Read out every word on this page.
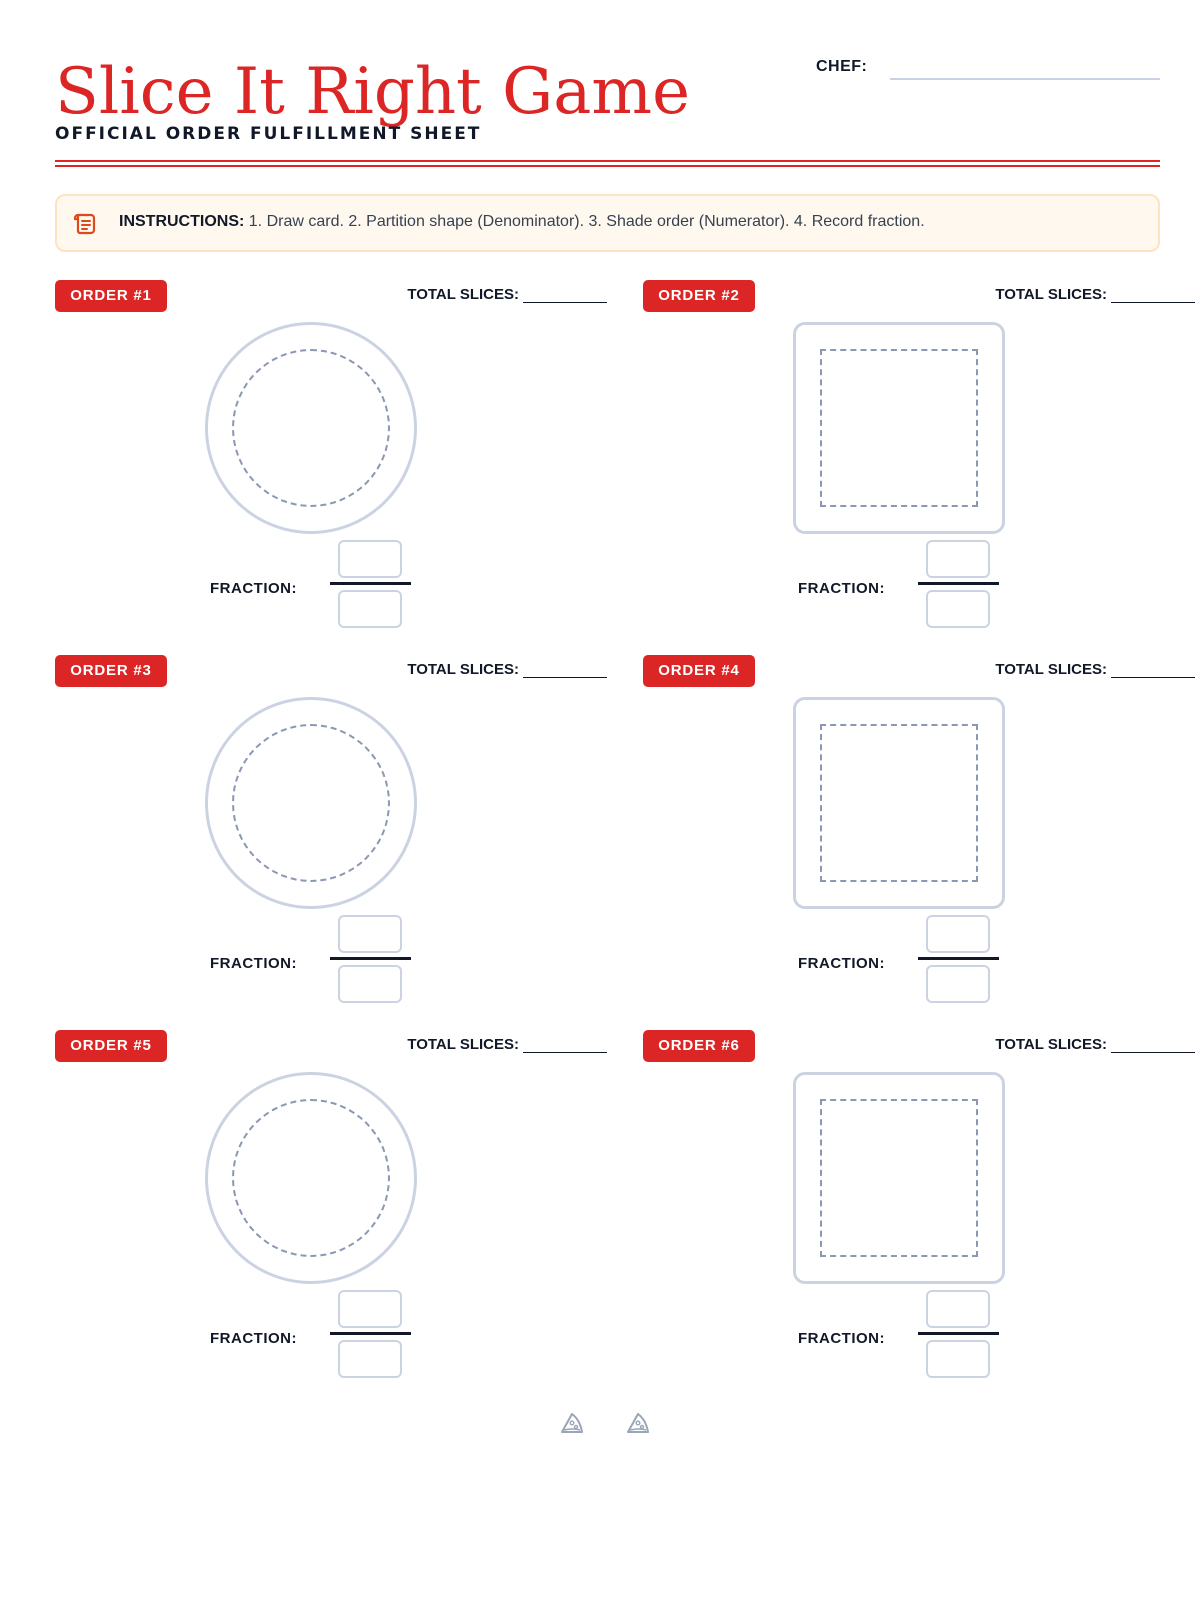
Slice It Right Game
OFFICIAL ORDER FULFILLMENT SHEET
CHEF:
INSTRUCTIONS: 1. Draw card. 2. Partition shape (Denominator). 3. Shade order (Numerator). 4. Record fraction.
ORDER #1	TOTAL SLICES:
FRACTION:
ORDER #2	TOTAL SLICES:
FRACTION:
ORDER #3	TOTAL SLICES:
FRACTION:
ORDER #4	TOTAL SLICES:
FRACTION:
ORDER #5	TOTAL SLICES:
FRACTION:
ORDER #6	TOTAL SLICES:
FRACTION:
